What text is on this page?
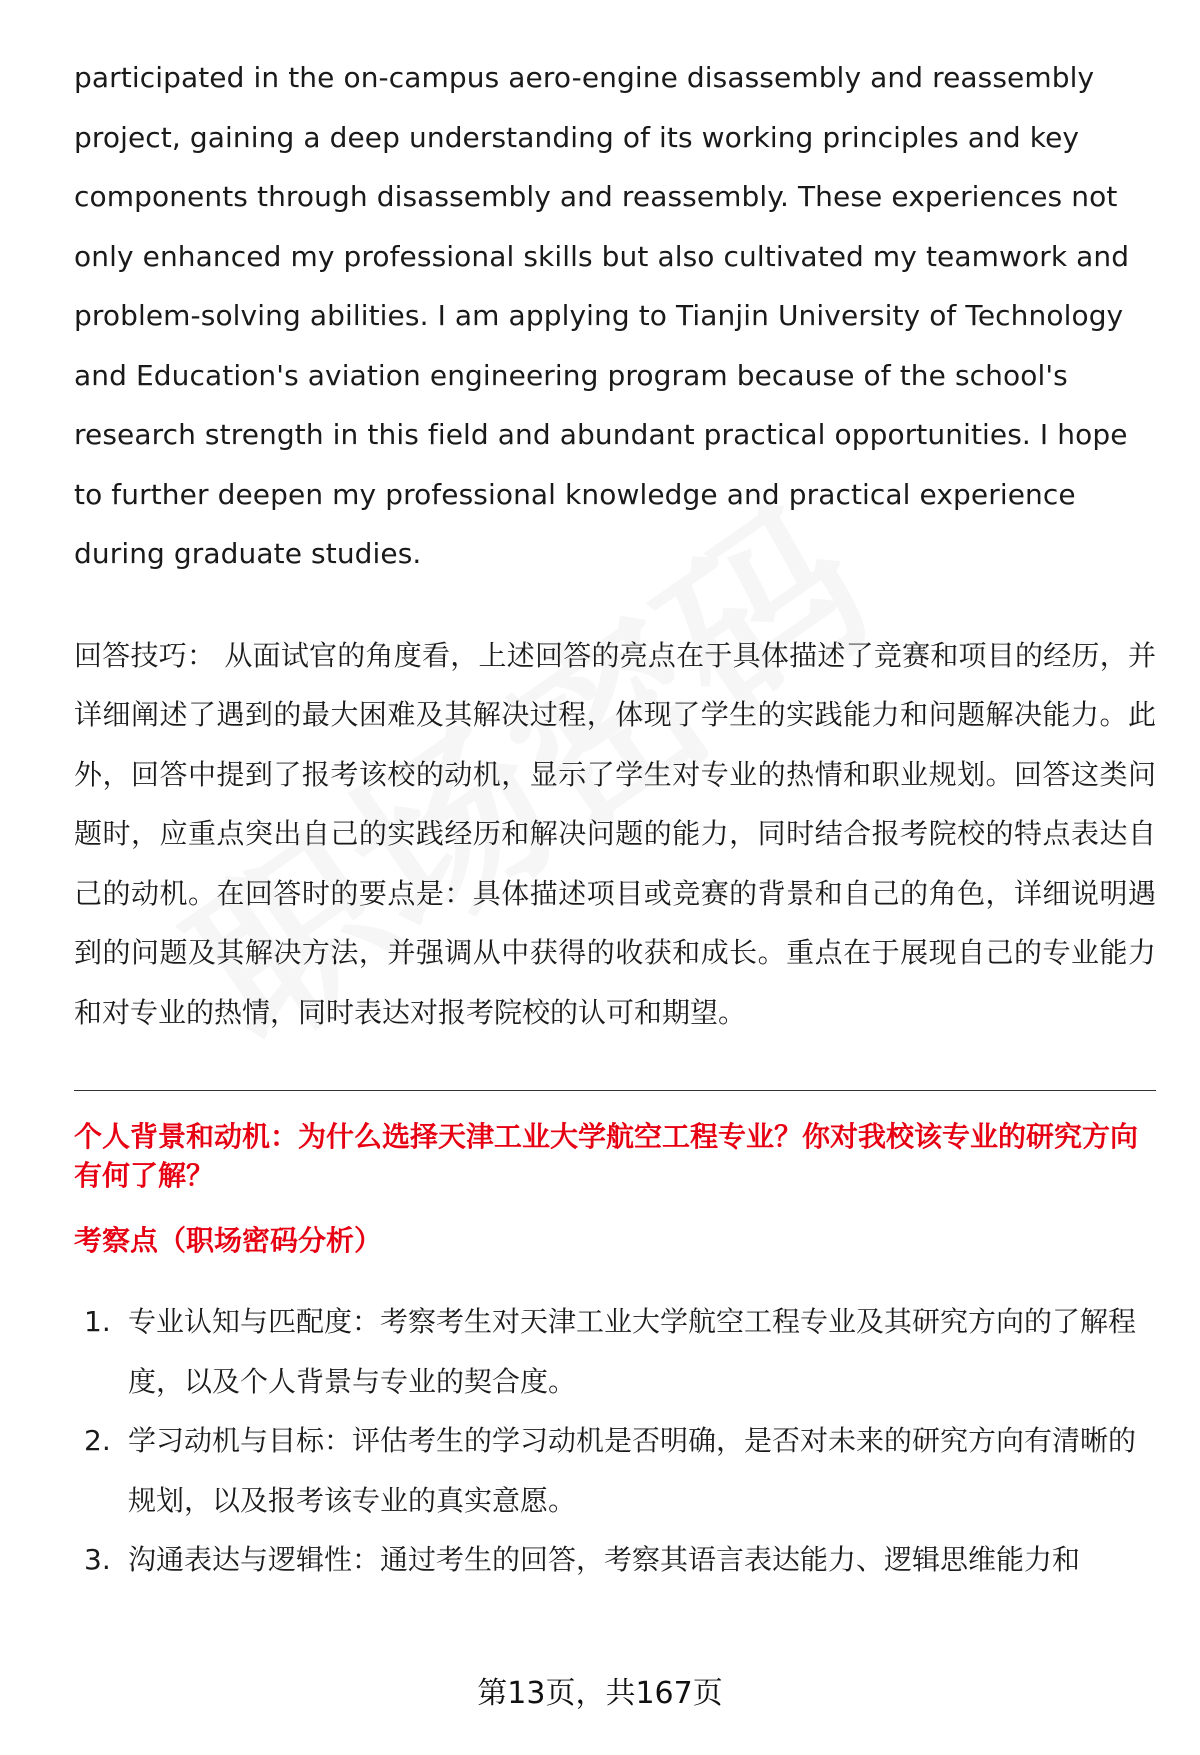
participated in the on-campus aero-engine disassembly and reassembly project, gaining a deep understanding of its working principles and key components through disassembly and reassembly. These experiences not only enhanced my professional skills but also cultivated my teamwork and problem-solving abilities. I am applying to Tianjin University of Technology and Education's aviation engineering program because of the school's research strength in this field and abundant practical opportunities. I hope to further deepen my professional knowledge and practical experience during graduate studies.

回答技巧： 从面试官的角度看，上述回答的亮点在于具体描述了竞赛和项目的经历，并详细阐述了遇到的最大困难及其解决过程，体现了学生的实践能力和问题解决能力。此外，回答中提到了报考该校的动机，显示了学生对专业的热情和职业规划。回答这类问题时，应重点突出自己的实践经历和解决问题的能力，同时结合报考院校的特点表达自己的动机。在回答时的要点是：具体描述项目或竞赛的背景和自己的角色，详细说明遇到的问题及其解决方法，并强调从中获得的收获和成长。重点在于展现自己的专业能力和对专业的热情，同时表达对报考院校的认可和期望。

个人背景和动机：为什么选择天津工业大学航空工程专业？你对我校该专业的研究方向有何了解？
考察点（职场密码分析）
1. 专业认知与匹配度：考察考生对天津工业大学航空工程专业及其研究方向的了解程度，以及个人背景与专业的契合度。
2. 学习动机与目标：评估考生的学习动机是否明确，是否对未来的研究方向有清晰的规划，以及报考该专业的真实意愿。
3. 沟通表达与逻辑性：通过考生的回答，考察其语言表达能力、逻辑思维能力和
第13页，共167页
